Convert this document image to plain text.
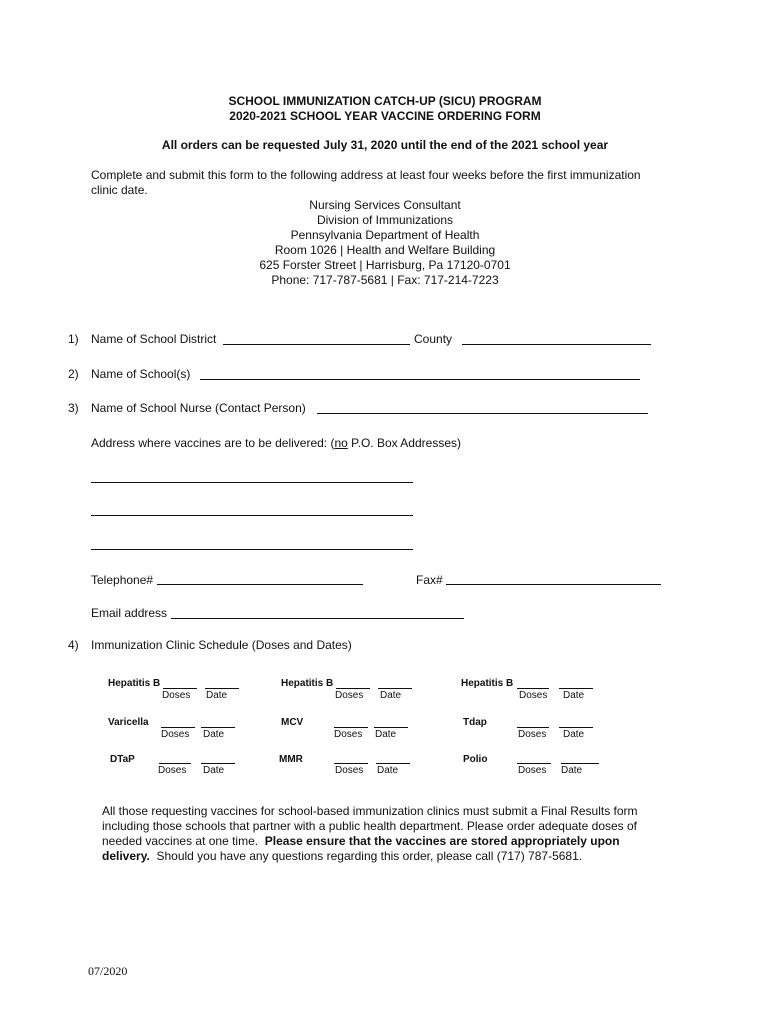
SCHOOL IMMUNIZATION CATCH-UP (SICU) PROGRAM
2020-2021 SCHOOL YEAR VACCINE ORDERING FORM
All orders can be requested July 31, 2020 until the end of the 2021 school year
Complete and submit this form to the following address at least four weeks before the first immunization
clinic date.
Nursing Services Consultant
Division of Immunizations
Pennsylvania Department of Health
Room 1026 | Health and Welfare Building
625 Forster Street | Harrisburg, Pa 17120-0701
Phone: 717-787-5681 | Fax: 717-214-7223
1) Name of School District	County
2) Name of School(s)
3) Name of School Nurse (Contact Person)
Address where vaccines are to be delivered: (no P.O. Box Addresses)
Telephone#	Fax#
Email address
4) Immunization Clinic Schedule (Doses and Dates)
Hepatitis B
Doses Date
Hepatitis B
Doses Date
Hepatitis B
Doses Date
Varicella
Doses Date
MCV
Doses Date
Tdap
Doses Date
DTaP
Doses Date
MMR
Doses Date
Polio
Doses Date
All those requesting vaccines for school-based immunization clinics must submit a Final Results form
including those schools that partner with a public health department. Please order adequate doses of
needed vaccines at one time.  Please ensure that the vaccines are stored appropriately upon
delivery.  Should you have any questions regarding this order, please call (717) 787-5681.
07/2020
